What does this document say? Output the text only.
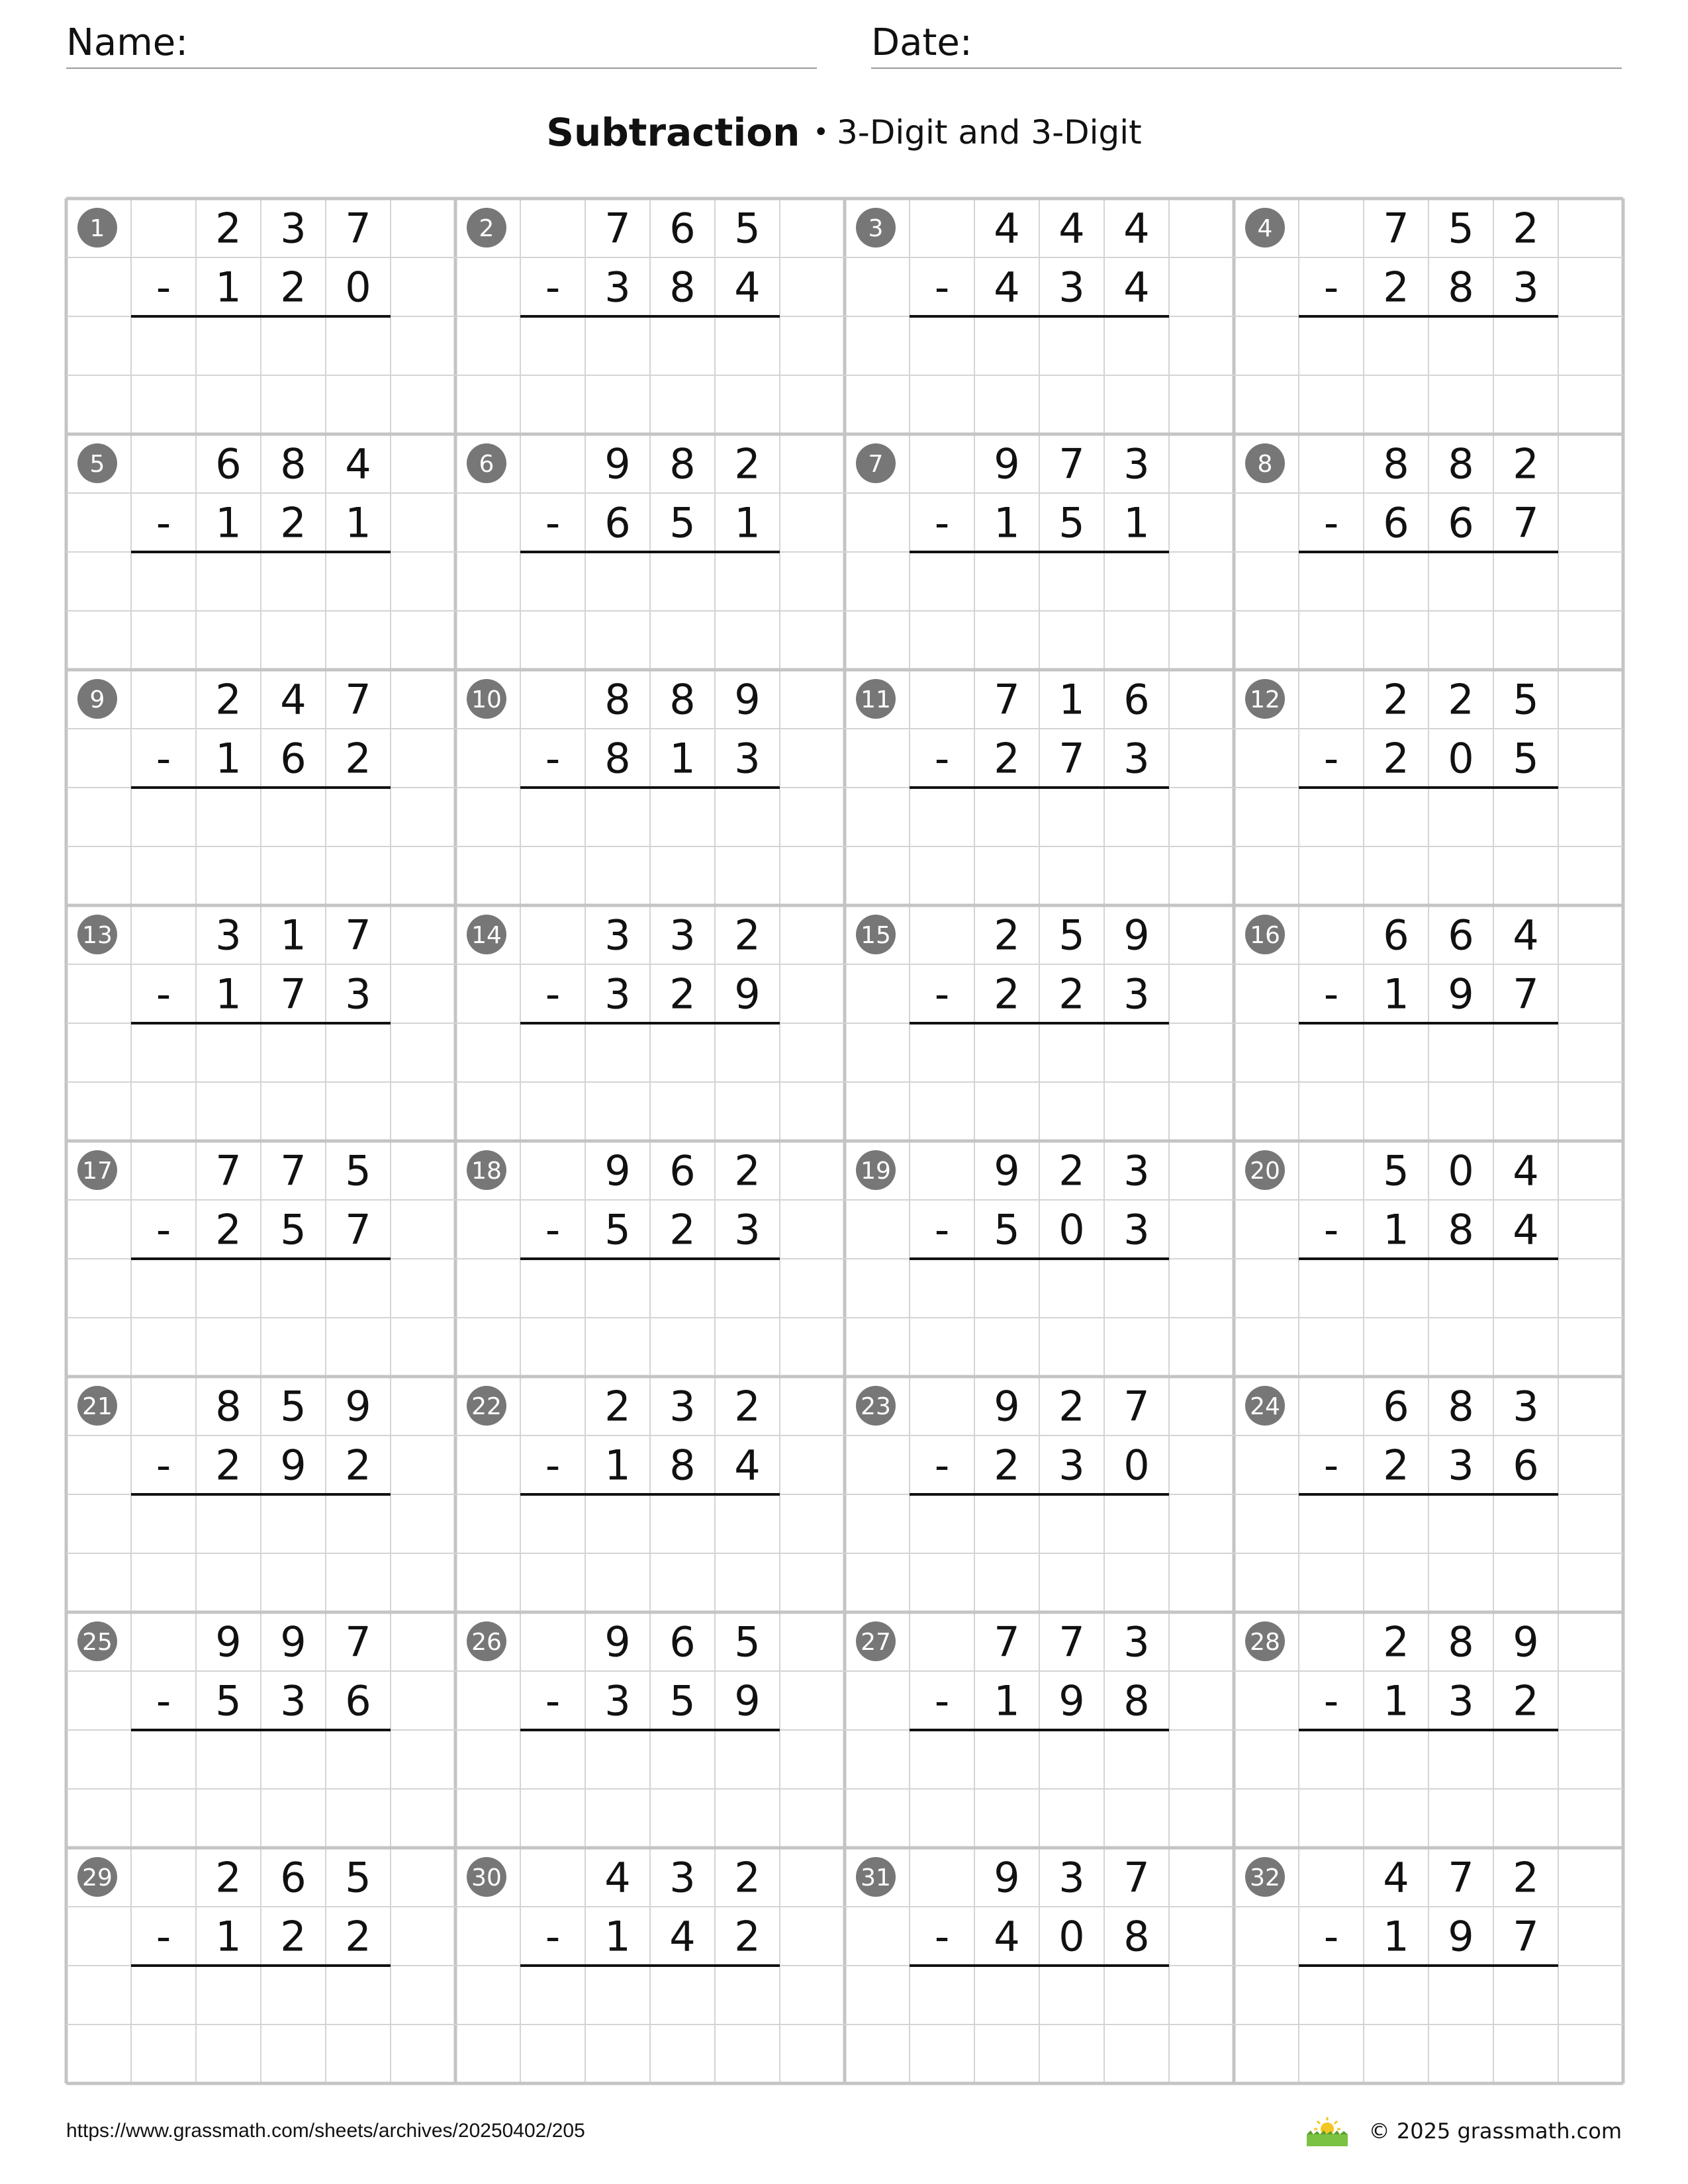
Name:	Date:
Subtraction • 3-Digit and 3-Digit
1	2 3 7
- 1 2 0
2	7 6 5
- 3 8 4
3	4 4 4
- 4 3 4
4	7 5 2
- 2 8 3
5	6 8 4
- 1 2 1
6	9 8 2
- 6 5 1
7	9 7 3
- 1 5 1
8	8 8 2
- 6 6 7
9	2 4 7
- 1 6 2
10	8 8 9
- 8 1 3
11	7 1 6
- 2 7 3
12	2 2 5
- 2 0 5
13	3 1 7
- 1 7 3
14	3 3 2
- 3 2 9
15	2 5 9
- 2 2 3
16	6 6 4
- 1 9 7
17	7 7 5
- 2 5 7
18	9 6 2
- 5 2 3
19	9 2 3
- 5 0 3
20	5 0 4
- 1 8 4
21	8 5 9
- 2 9 2
22	2 3 2
- 1 8 4
23	9 2 7
- 2 3 0
24	6 8 3
- 2 3 6
25	9 9 7
- 5 3 6
26	9 6 5
- 3 5 9
27	7 7 3
- 1 9 8
28	2 8 9
- 1 3 2
29	2 6 5
- 1 2 2
30	4 3 2
- 1 4 2
31	9 3 7
- 4 0 8
32	4 7 2
- 1 9 7
https://www.grassmath.com/sheets/archives/20250402/205	© 2025 grassmath.com
